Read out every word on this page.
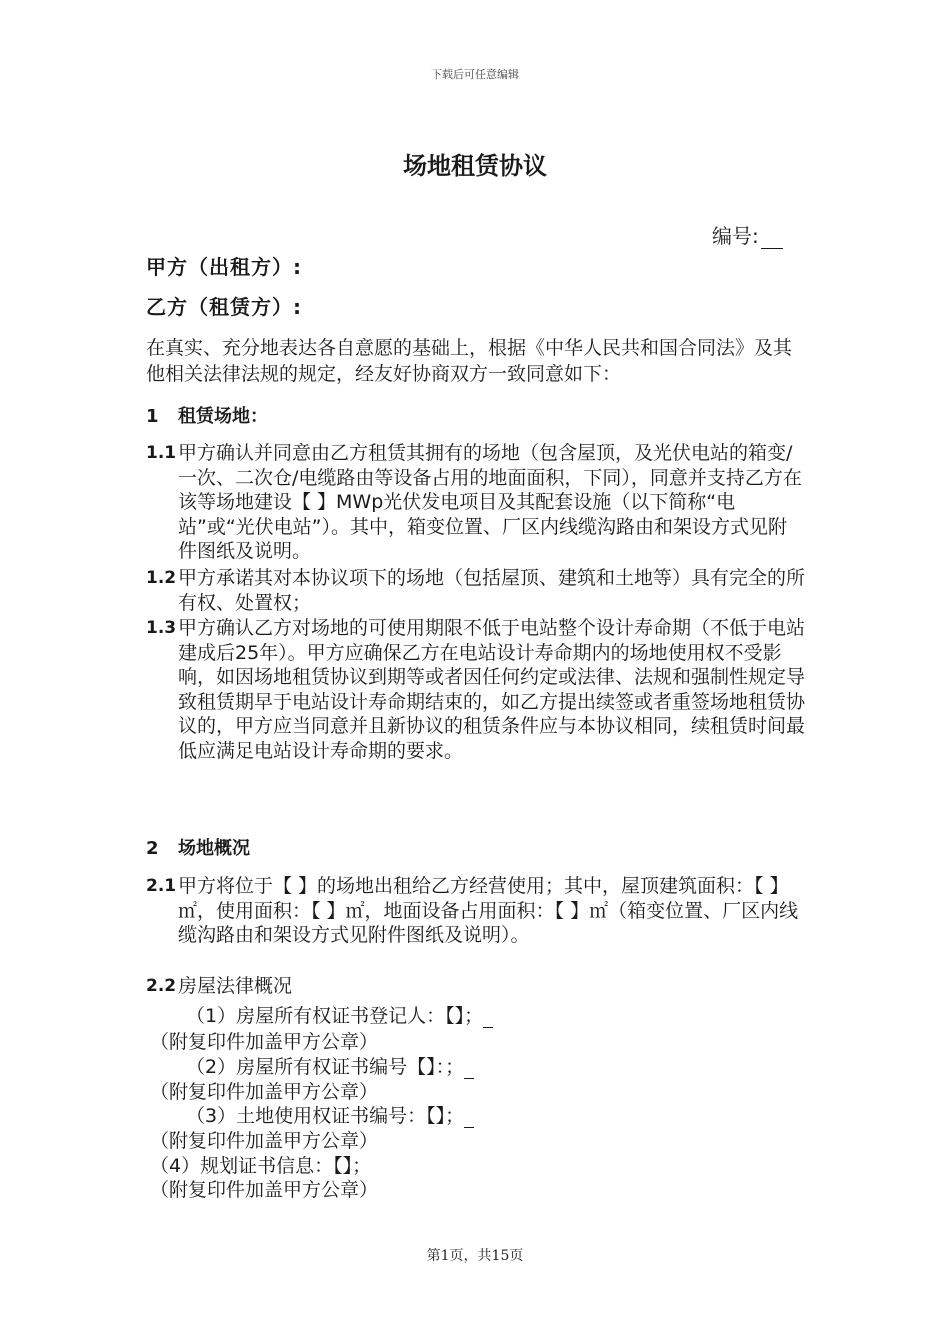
下载后可任意编辑
场地租赁协议
编号:
甲方（出租方）:
乙方（租赁方）:
在真实、充分地表达各自意愿的基础上，根据《中华人民共和国合同法》及其他相关法律法规的规定，经友好协商双方一致同意如下：
1 租赁场地：
1.1 甲方确认并同意由乙方租赁其拥有的场地（包含屋顶，及光伏电站的箱变/一次、二次仓/电缆路由等设备占用的地面面积，下同），同意并支持乙方在该等场地建设【 】MWp光伏发电项目及其配套设施（以下简称“电站”或“光伏电站”）。其中，箱变位置、厂区内线缆沟路由和架设方式见附件图纸及说明。
1.2 甲方承诺其对本协议项下的场地（包括屋顶、建筑和土地等）具有完全的所有权、处置权；
1.3 甲方确认乙方对场地的可使用期限不低于电站整个设计寿命期（不低于电站建成后25年）。甲方应确保乙方在电站设计寿命期内的场地使用权不受影响，如因场地租赁协议到期等或者因任何约定或法律、法规和强制性规定导致租赁期早于电站设计寿命期结束的，如乙方提出续签或者重签场地租赁协议的，甲方应当同意并且新协议的租赁条件应与本协议相同，续租赁时间最低应满足电站设计寿命期的要求。
2 场地概况
2.1 甲方将位于【 】的场地出租给乙方经营使用；其中，屋顶建筑面积：【 】㎡，使用面积：【 】㎡，地面设备占用面积：【 】㎡（箱变位置、厂区内线缆沟路由和架设方式见附件图纸及说明）。
2.2 房屋法律概况
（1）房屋所有权证书登记人：【】；
（附复印件加盖甲方公章）
（2）房屋所有权证书编号【】：；
（附复印件加盖甲方公章）
（3）土地使用权证书编号：【】；
（附复印件加盖甲方公章）
（4）规划证书信息：【】；
（附复印件加盖甲方公章）
第1页，共15页
